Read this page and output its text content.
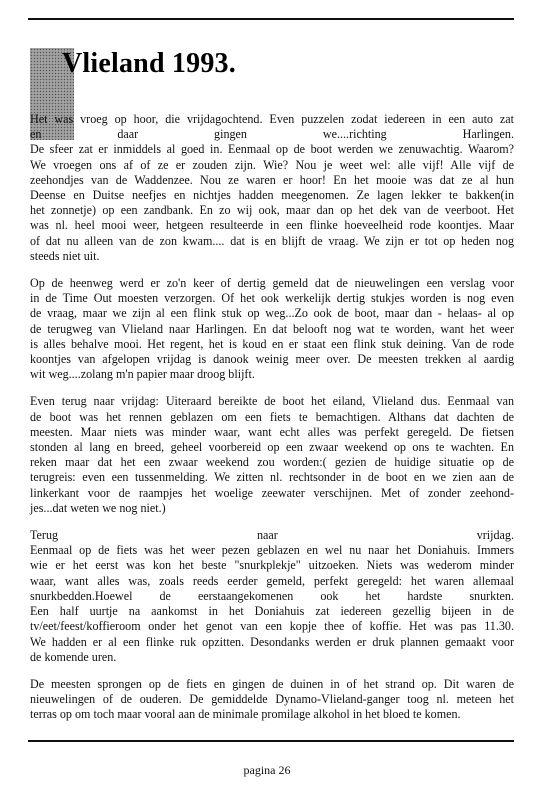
Vlieland 1993.

Het was vroeg op hoor, die vrijdagochtend. Even puzzelen zodat iedereen in een auto zat
en daar gingen we....richting Harlingen.
De sfeer zat er inmiddels al goed in. Eenmaal op de boot werden we zenuwachtig. Waarom?
We vroegen ons af of ze er zouden zijn. Wie? Nou je weet wel: alle vijf! Alle vijf de
zeehondjes van de Waddenzee. Nou ze waren er hoor! En het mooie was dat ze al hun
Deense en Duitse neefjes en nichtjes hadden meegenomen. Ze lagen lekker te bakken(in
het zonnetje) op een zandbank. En zo wij ook, maar dan op het dek van de veerboot. Het
was nl. heel mooi weer, hetgeen resulteerde in een flinke hoeveelheid rode koontjes. Maar
of dat nu alleen van de zon kwam.... dat is en blijft de vraag. We zijn er tot op heden nog
steeds niet uit.

Op de heenweg werd er zo'n keer of dertig gemeld dat de nieuwelingen een verslag voor
in de Time Out moesten verzorgen. Of het ook werkelijk dertig stukjes worden is nog even
de vraag, maar we zijn al een flink stuk op weg...Zo ook de boot, maar dan - helaas- al op
de terugweg van Vlieland naar Harlingen. En dat belooft nog wat te worden, want het weer
is alles behalve mooi. Het regent, het is koud en er staat een flink stuk deining. Van de rode
koontjes van afgelopen vrijdag is danook weinig meer over. De meesten trekken al aardig
wit weg....zolang m'n papier maar droog blijft.

Even terug naar vrijdag: Uiteraard bereikte de boot het eiland, Vlieland dus. Eenmaal van
de boot was het rennen geblazen om een fiets te bemachtigen. Althans dat dachten de
meesten. Maar niets was minder waar, want echt alles was perfekt geregeld. De fietsen
stonden al lang en breed, geheel voorbereid op een zwaar weekend op ons te wachten. En
reken maar dat het een zwaar weekend zou worden:( gezien de huidige situatie op de
terugreis: even een tussenmelding. We zitten nl. rechtsonder in de boot en we zien aan de
linkerkant voor de raampjes het woelige zeewater verschijnen. Met of zonder zeehond-
jes...dat weten we nog niet.)

Terug naar vrijdag.
Eenmaal op de fiets was het weer pezen geblazen en wel nu naar het Doniahuis. Immers
wie er het eerst was kon het beste "snurkplekje" uitzoeken. Niets was wederom minder
waar, want alles was, zoals reeds eerder gemeld, perfekt geregeld: het waren allemaal
snurkbedden.Hoewel de eerstaangekomenen ook het hardste snurkten.
Een half uurtje na aankomst in het Doniahuis zat iedereen gezellig bijeen in de
tv/eet/feest/koffieroom onder het genot van een kopje thee of koffie. Het was pas 11.30.
We hadden er al een flinke ruk opzitten. Desondanks werden er druk plannen gemaakt voor
de komende uren.

De meesten sprongen op de fiets en gingen de duinen in of het strand op. Dit waren de
nieuwelingen of de ouderen. De gemiddelde Dynamo-Vlieland-ganger toog nl. meteen het
terras op om toch maar vooral aan de minimale promilage alkohol in het bloed te komen.

pagina 26
